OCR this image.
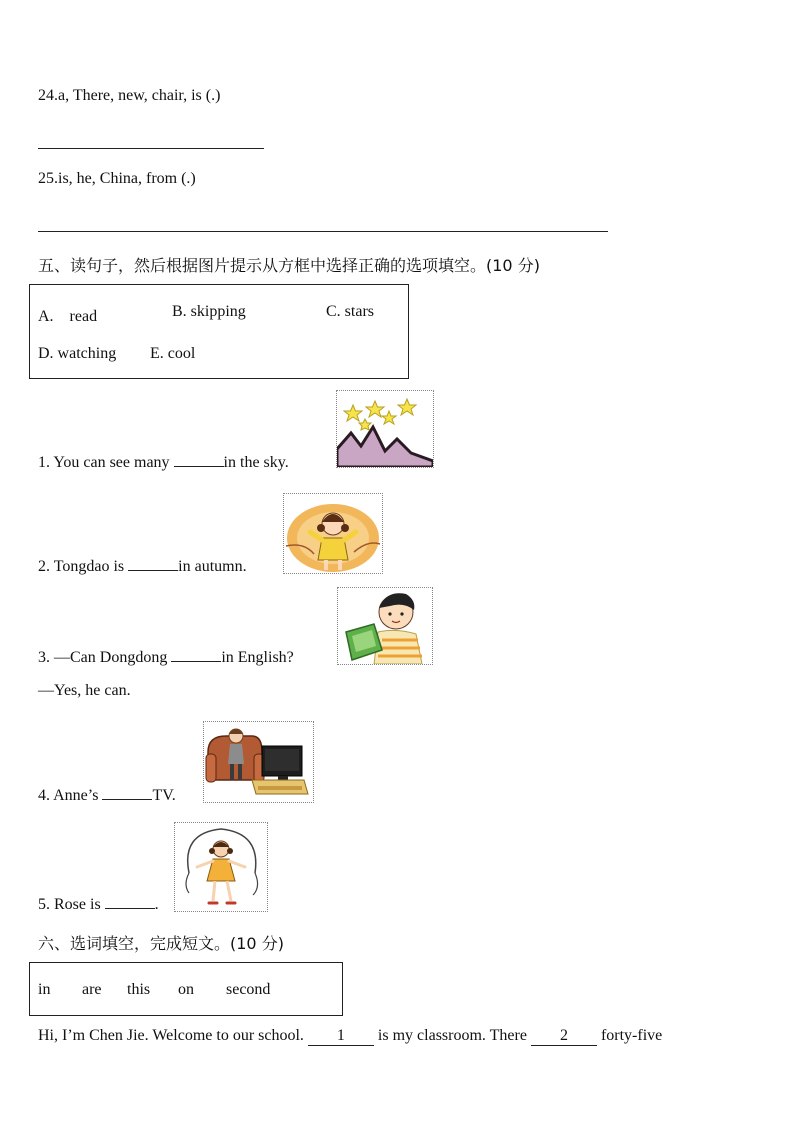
24.a, There, new, chair, is (.)
25.is, he, China, from (.)
五、读句子，然后根据图片提示从方框中选择正确的选项填空。(10 分)
A.　read	B. skipping	C. stars
D. watching E. cool
1. You can see many	in the sky.
2. Tongdao is	in autumn.
3. —Can Dongdong	in English?
—Yes, he can.
4. Anne’s	TV.
5. Rose is	.
六、选词填空，完成短文。(10 分)
in are this on second
Hi, I’m Chen Jie. Welcome to our school. 1 is my classroom. There 2 forty-five
